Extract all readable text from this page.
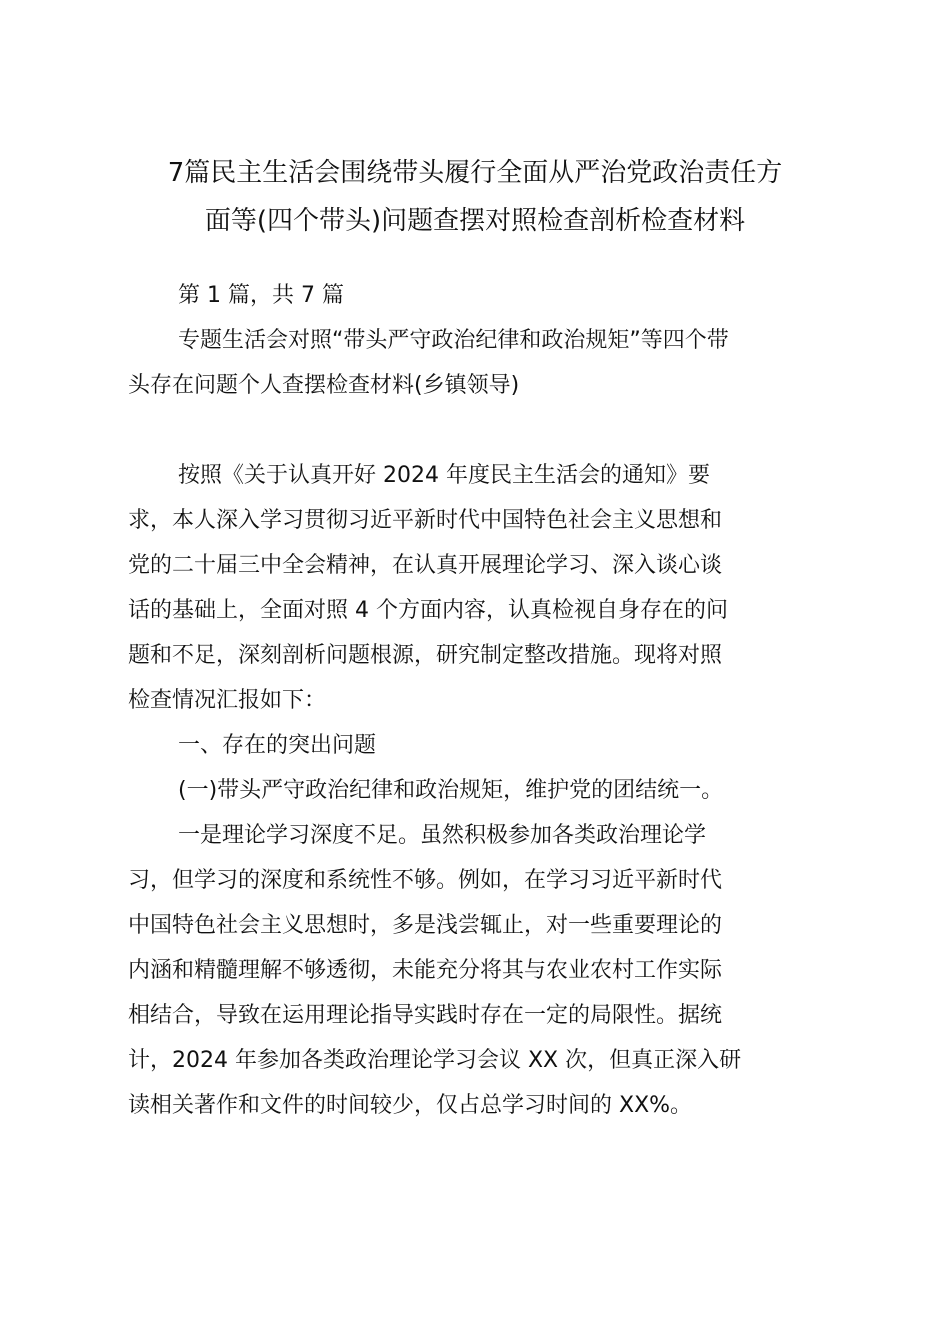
7篇民主生活会围绕带头履行全面从严治党政治责任方
面等(四个带头)问题查摆对照检查剖析检查材料
第 1 篇，共 7 篇
专题生活会对照“带头严守政治纪律和政治规矩”等四个带
头存在问题个人查摆检查材料(乡镇领导)
按照《关于认真开好 2024 年度民主生活会的通知》要
求，本人深入学习贯彻习近平新时代中国特色社会主义思想和
党的二十届三中全会精神，在认真开展理论学习、深入谈心谈
话的基础上，全面对照 4 个方面内容，认真检视自身存在的问
题和不足，深刻剖析问题根源，研究制定整改措施。现将对照
检查情况汇报如下：
一、存在的突出问题
(一)带头严守政治纪律和政治规矩，维护党的团结统一。
一是理论学习深度不足。虽然积极参加各类政治理论学
习，但学习的深度和系统性不够。例如，在学习习近平新时代
中国特色社会主义思想时，多是浅尝辄止，对一些重要理论的
内涵和精髓理解不够透彻，未能充分将其与农业农村工作实际
相结合，导致在运用理论指导实践时存在一定的局限性。据统
计，2024 年参加各类政治理论学习会议 XX 次，但真正深入研
读相关著作和文件的时间较少，仅占总学习时间的 XX%。
